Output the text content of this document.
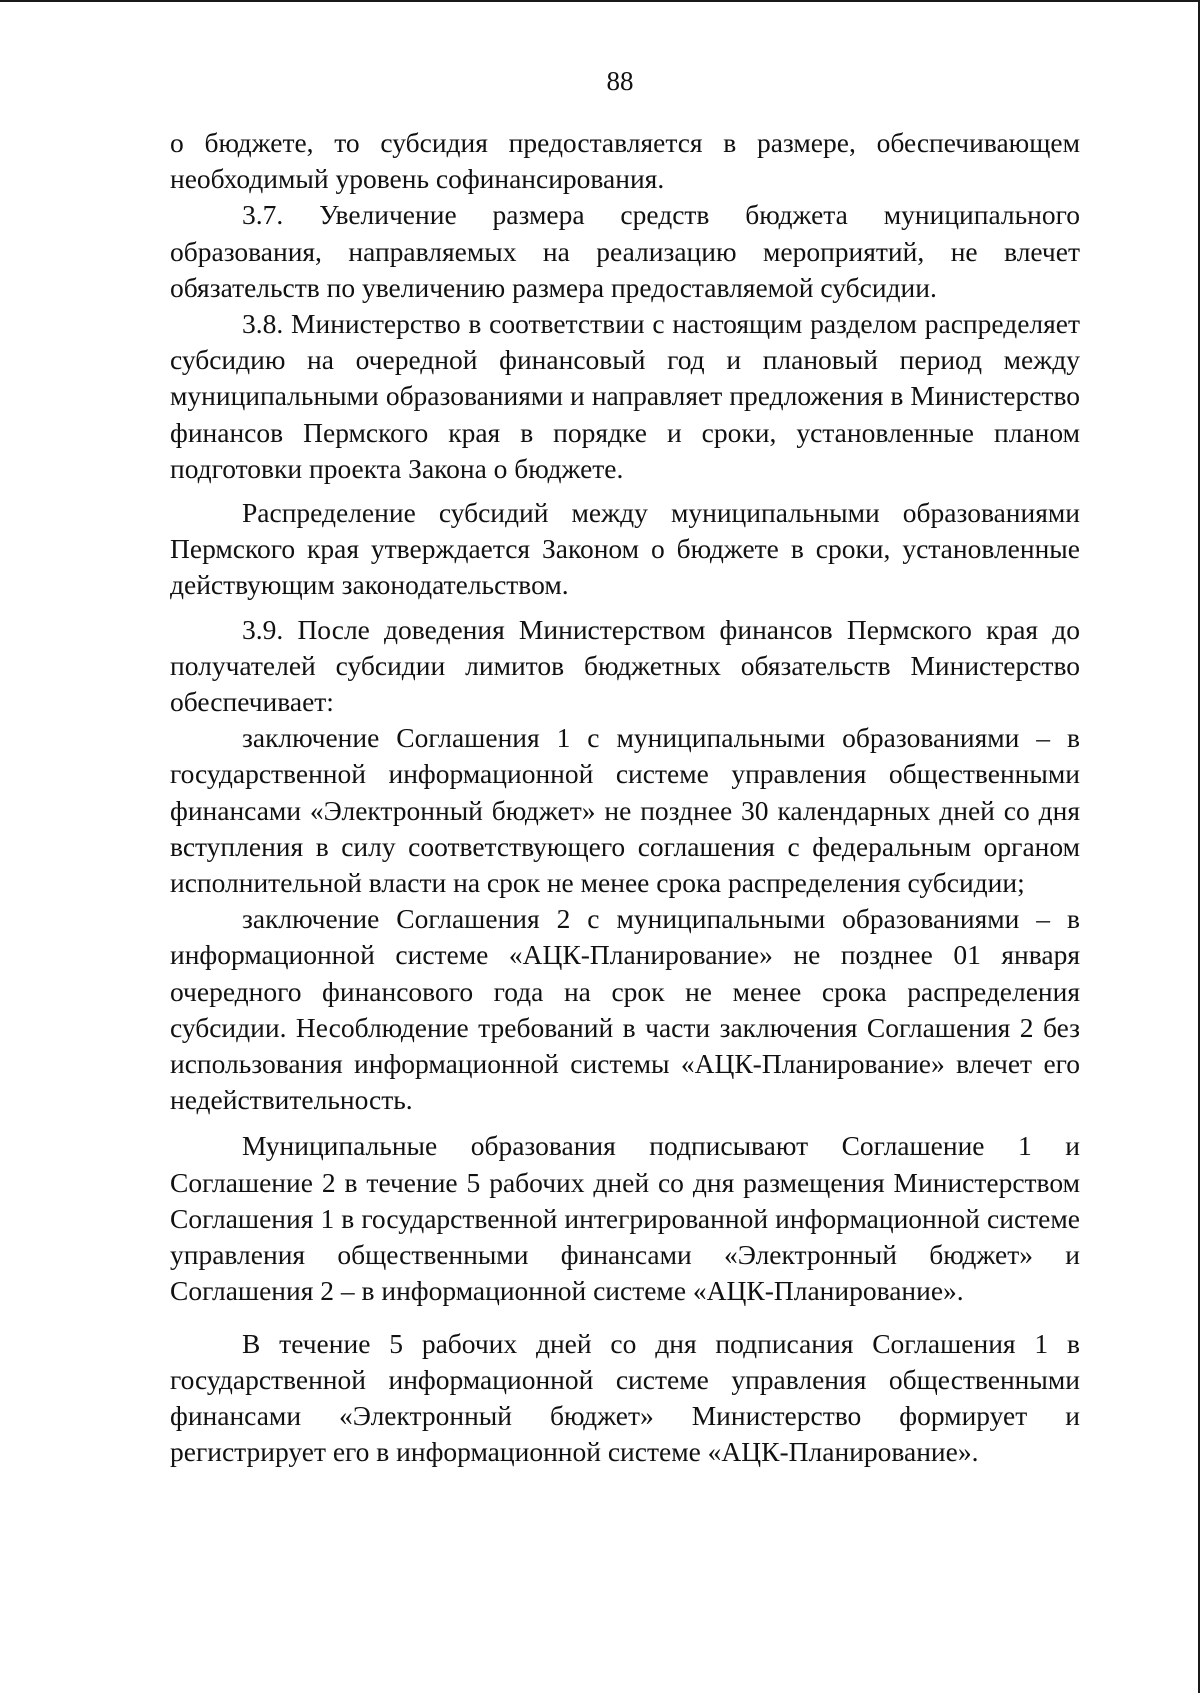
88

о бюджете, то субсидия предоставляется в размере, обеспечивающем необходимый уровень софинансирования.

3.7. Увеличение размера средств бюджета муниципального образования, направляемых на реализацию мероприятий, не влечет обязательств по увеличению размера предоставляемой субсидии.

3.8. Министерство в соответствии с настоящим разделом распределяет субсидию на очередной финансовый год и плановый период между муниципальными образованиями и направляет предложения в Министерство финансов Пермского края в порядке и сроки, установленные планом подготовки проекта Закона о бюджете.

Распределение субсидий между муниципальными образованиями Пермского края утверждается Законом о бюджете в сроки, установленные действующим законодательством.

3.9. После доведения Министерством финансов Пермского края до получателей субсидии лимитов бюджетных обязательств Министерство обеспечивает:

заключение Соглашения 1 с муниципальными образованиями – в государственной информационной системе управления общественными финансами «Электронный бюджет» не позднее 30 календарных дней со дня вступления в силу соответствующего соглашения с федеральным органом исполнительной власти на срок не менее срока распределения субсидии;

заключение Соглашения 2 с муниципальными образованиями – в информационной системе «АЦК-Планирование» не позднее 01 января очередного финансового года на срок не менее срока распределения субсидии. Несоблюдение требований в части заключения Соглашения 2 без использования информационной системы «АЦК-Планирование» влечет его недействительность.

Муниципальные образования подписывают Соглашение 1 и Соглашение 2 в течение 5 рабочих дней со дня размещения Министерством Соглашения 1 в государственной интегрированной информационной системе управления общественными финансами «Электронный бюджет» и Соглашения 2 – в информационной системе «АЦК-Планирование».

В течение 5 рабочих дней со дня подписания Соглашения 1 в государственной информационной системе управления общественными финансами «Электронный бюджет» Министерство формирует и регистрирует его в информационной системе «АЦК-Планирование».
